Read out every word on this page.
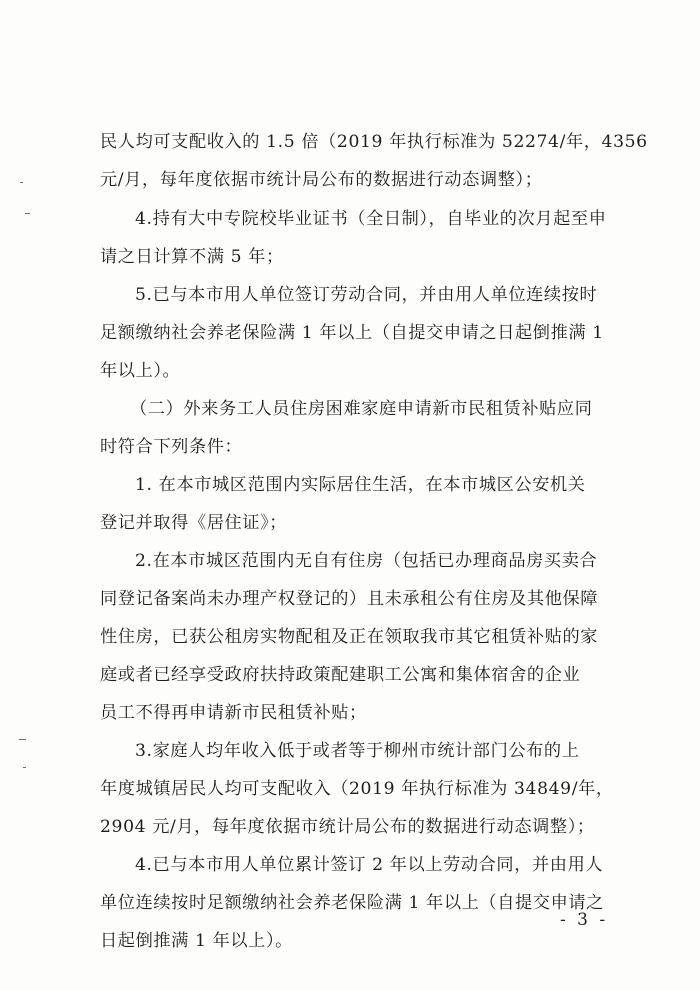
民人均可支配收入的 1.5 倍（2019 年执行标准为 52274/年，4356
元/月，每年度依据市统计局公布的数据进行动态调整）；
4.持有大中专院校毕业证书（全日制），自毕业的次月起至申
请之日计算不满 5 年；
5.已与本市用人单位签订劳动合同，并由用人单位连续按时
足额缴纳社会养老保险满 1 年以上（自提交申请之日起倒推满 1
年以上）。
（二）外来务工人员住房困难家庭申请新市民租赁补贴应同
时符合下列条件：
1. 在本市城区范围内实际居住生活，在本市城区公安机关
登记并取得《居住证》；
2.在本市城区范围内无自有住房（包括已办理商品房买卖合
同登记备案尚未办理产权登记的）且未承租公有住房及其他保障
性住房，已获公租房实物配租及正在领取我市其它租赁补贴的家
庭或者已经享受政府扶持政策配建职工公寓和集体宿舍的企业
员工不得再申请新市民租赁补贴；
3.家庭人均年收入低于或者等于柳州市统计部门公布的上
年度城镇居民人均可支配收入（2019 年执行标准为 34849/年，
2904 元/月，每年度依据市统计局公布的数据进行动态调整）；
4.已与本市用人单位累计签订 2 年以上劳动合同，并由用人
单位连续按时足额缴纳社会养老保险满 1 年以上（自提交申请之
日起倒推满 1 年以上）。
- 3 -
